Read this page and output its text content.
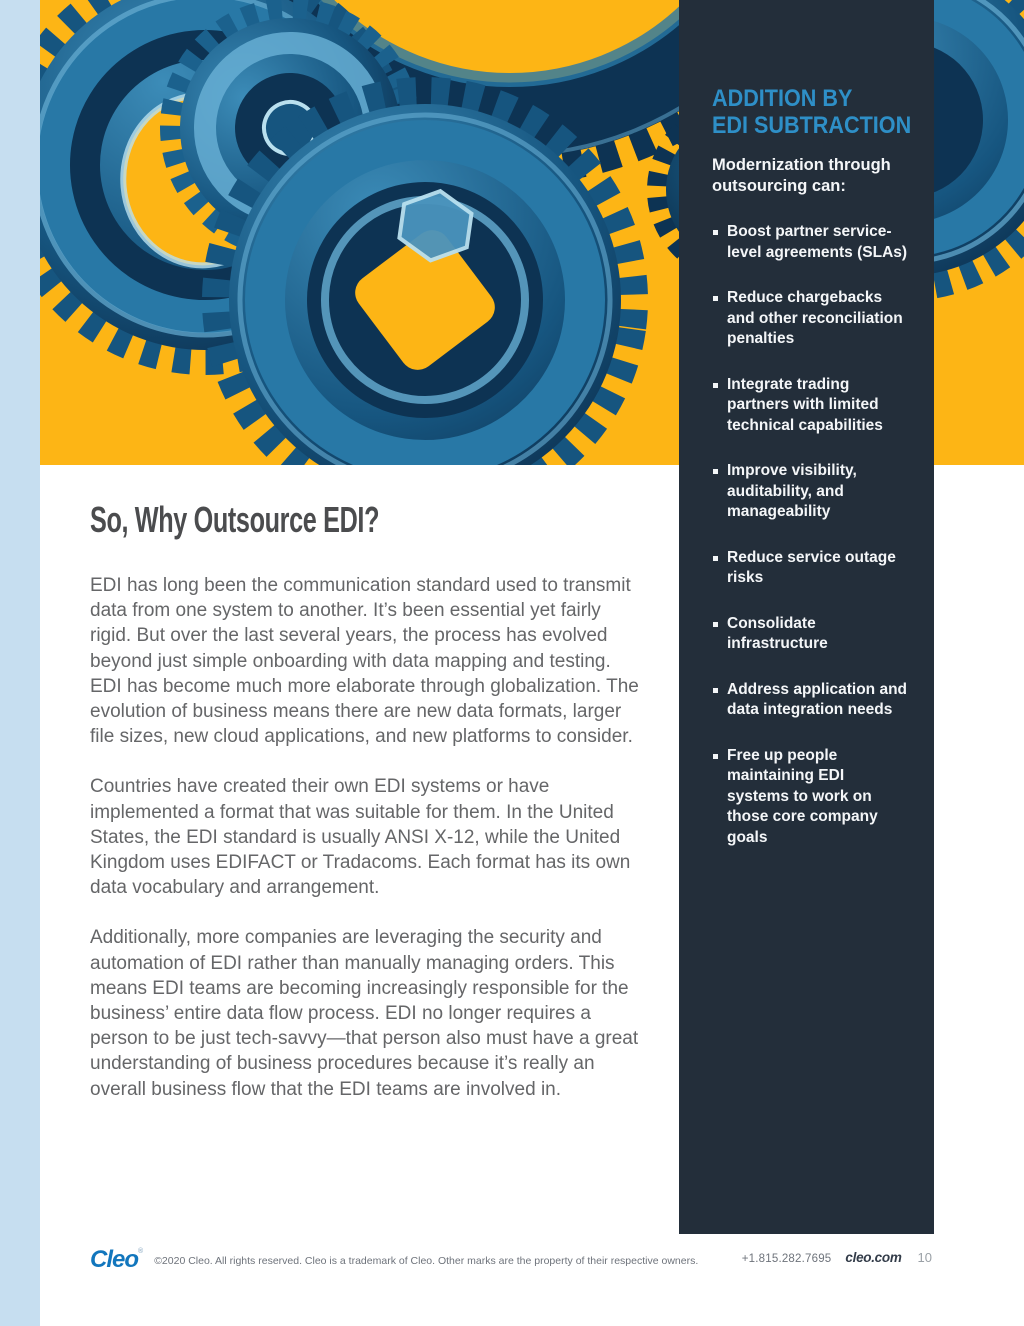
ADDITION BY
EDI SUBTRACTION

Modernization through outsourcing can:

Boost partner service-level agreements (SLAs)
Reduce chargebacks and other reconciliation penalties
Integrate trading partners with limited technical capabilities
Improve visibility, auditability, and manageability
Reduce service outage risks
Consolidate infrastructure
Address application and data integration needs
Free up people maintaining EDI systems to work on those core company goals
So, Why Outsource EDI?

EDI has long been the communication standard used to transmit data from one system to another. It’s been essential yet fairly rigid. But over the last several years, the process has evolved beyond just simple onboarding with data mapping and testing. EDI has become much more elaborate through globalization. The evolution of business means there are new data formats, larger file sizes, new cloud applications, and new platforms to consider.

Countries have created their own EDI systems or have implemented a format that was suitable for them. In the United States, the EDI standard is usually ANSI X-12, while the United Kingdom uses EDIFACT or Tradacoms. Each format has its own data vocabulary and arrangement.

Additionally, more companies are leveraging the security and automation of EDI rather than manually managing orders. This means EDI teams are becoming increasingly responsible for the business’ entire data flow process. EDI no longer requires a person to be just tech-savvy—that person also must have a great understanding of business procedures because it’s really an overall business flow that the EDI teams are involved in.

Cleo®
©2020 Cleo. All rights reserved. Cleo is a trademark of Cleo. Other marks are the property of their respective owners.	+1.815.282.7695 cleo.com 10
